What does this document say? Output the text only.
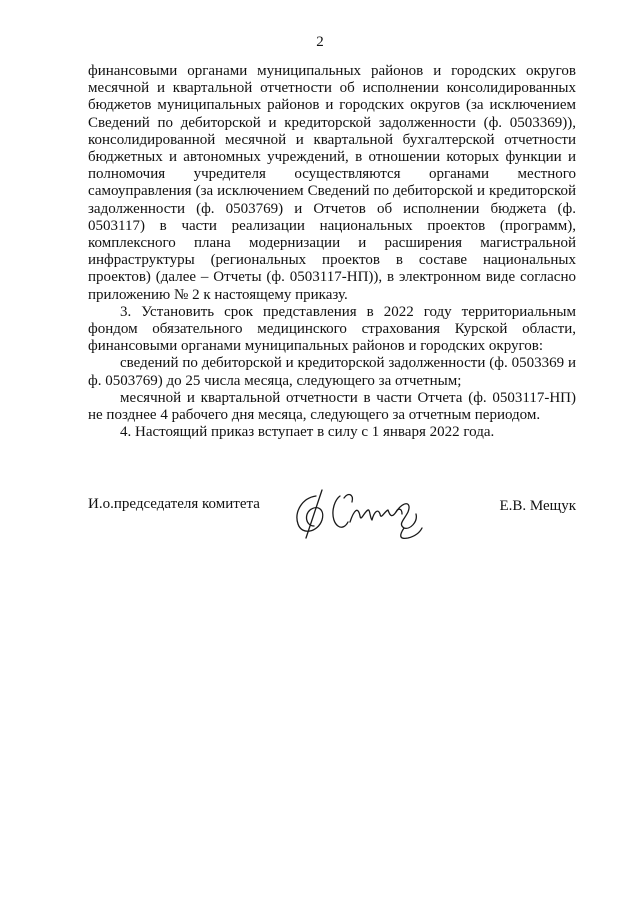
2

финансовыми органами муниципальных районов и городских округов месячной и квартальной отчетности об исполнении консолидированных бюджетов муниципальных районов и городских округов (за исключением Сведений по дебиторской и кредиторской задолженности (ф. 0503369)), консолидированной месячной и квартальной бухгалтерской отчетности бюджетных и автономных учреждений, в отношении которых функции и полномочия учредителя осуществляются органами местного самоуправления (за исключением Сведений по дебиторской и кредиторской задолженности (ф. 0503769) и Отчетов об исполнении бюджета (ф. 0503117) в части реализации национальных проектов (программ), комплексного плана модернизации и расширения магистральной инфраструктуры (региональных проектов в составе национальных проектов) (далее – Отчеты (ф. 0503117-НП)), в электронном виде согласно приложению № 2 к настоящему приказу.

3. Установить срок представления в 2022 году территориальным фондом обязательного медицинского страхования Курской области, финансовыми органами муниципальных районов и городских округов:

сведений по дебиторской и кредиторской задолженности (ф. 0503369 и ф. 0503769) до 25 числа месяца, следующего за отчетным;

месячной и квартальной отчетности в части Отчета (ф. 0503117-НП) не позднее 4 рабочего дня месяца, следующего за отчетным периодом.

4. Настоящий приказ вступает в силу с 1 января 2022 года.

И.о.председателя комитета	Е.В. Мещук
